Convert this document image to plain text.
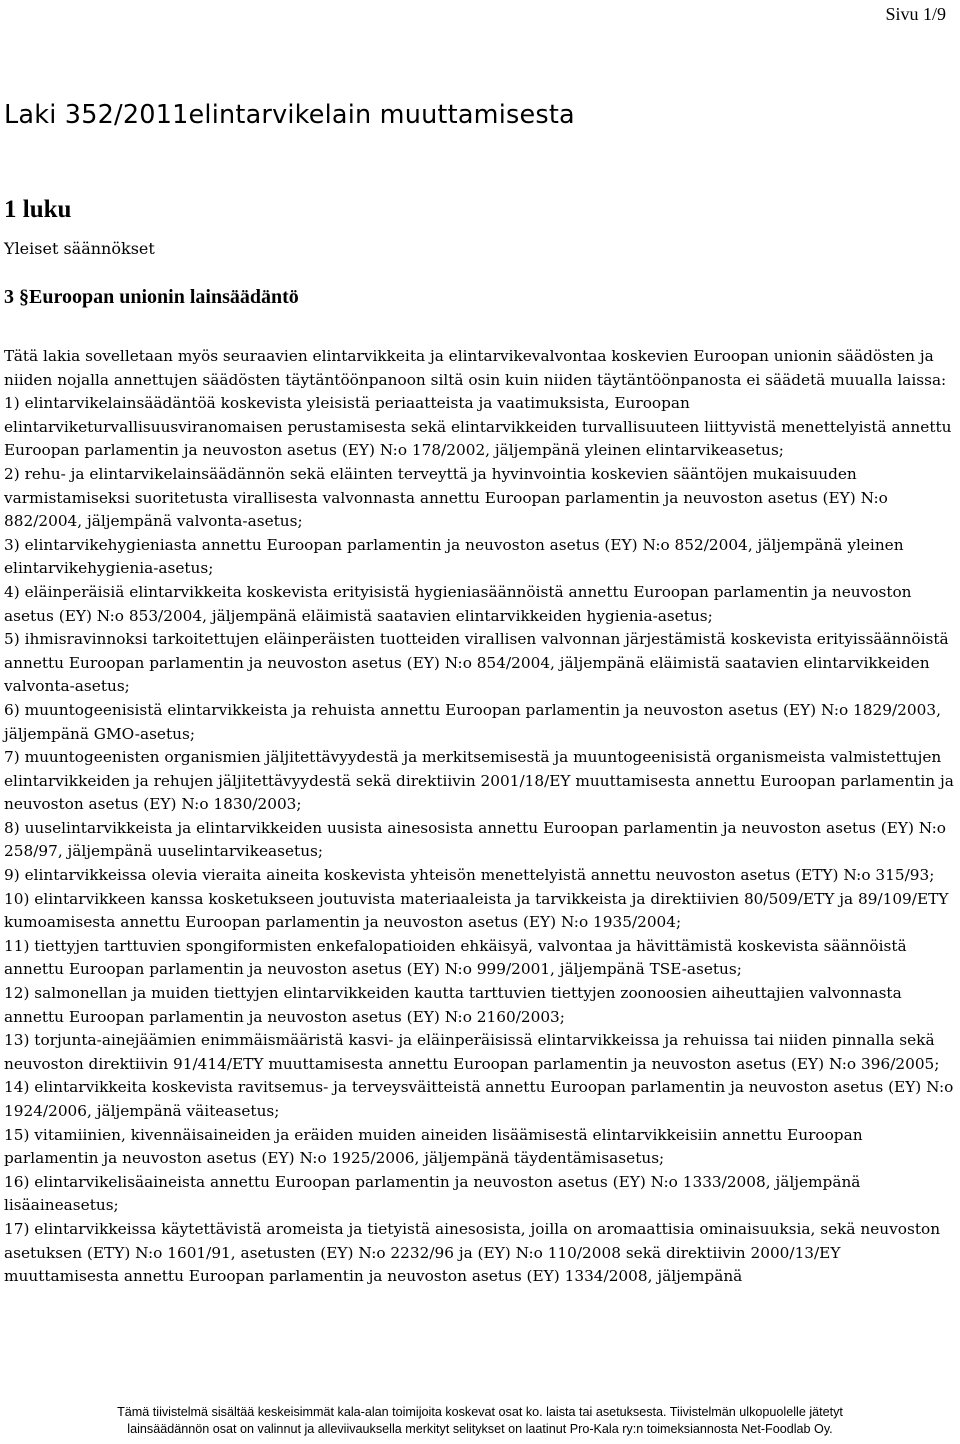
Sivu 1/9
Laki 352/2011elintarvikelain muuttamisesta
1 luku
Yleiset säännökset
3 §Euroopan unionin lainsäädäntö

Tätä lakia sovelletaan myös seuraavien elintarvikkeita ja elintarvikevalvontaa koskevien Euroopan unionin säädösten ja niiden nojalla annettujen säädösten täytäntöönpanoon siltä osin kuin niiden täytäntöönpanosta ei säädetä muualla laissa:

1) elintarvikelainsäädäntöä koskevista yleisistä periaatteista ja vaatimuksista, Euroopan elintarviketurvallisuusviranomaisen perustamisesta sekä elintarvikkeiden turvallisuuteen liittyvistä menettelyistä annettu Euroopan parlamentin ja neuvoston asetus (EY) N:o 178/2002, jäljempänä yleinen elintarvikeasetus;

2) rehu- ja elintarvikelainsäädännön sekä eläinten terveyttä ja hyvinvointia koskevien sääntöjen mukaisuuden varmistamiseksi suoritetusta virallisesta valvonnasta annettu Euroopan parlamentin ja neuvoston asetus (EY) N:o 882/2004, jäljempänä valvonta-asetus;

3) elintarvikehygieniasta annettu Euroopan parlamentin ja neuvoston asetus (EY) N:o 852/2004, jäljempänä yleinen elintarvikehygienia-asetus;

4) eläinperäisiä elintarvikkeita koskevista erityisistä hygieniasäännöistä annettu Euroopan parlamentin ja neuvoston asetus (EY) N:o 853/2004, jäljempänä eläimistä saatavien elintarvikkeiden hygienia-asetus;

5) ihmisravinnoksi tarkoitettujen eläinperäisten tuotteiden virallisen valvonnan järjestämistä koskevista erityissäännöistä annettu Euroopan parlamentin ja neuvoston asetus (EY) N:o 854/2004, jäljempänä eläimistä saatavien elintarvikkeiden valvonta-asetus;

6) muuntogeenisistä elintarvikkeista ja rehuista annettu Euroopan parlamentin ja neuvoston asetus (EY) N:o 1829/2003, jäljempänä GMO-asetus;

7) muuntogeenisten organismien jäljitettävyydestä ja merkitsemisestä ja muuntogeenisistä organismeista valmistettujen elintarvikkeiden ja rehujen jäljitettävyydestä sekä direktiivin 2001/18/EY muuttamisesta annettu Euroopan parlamentin ja neuvoston asetus (EY) N:o 1830/2003;

8) uuselintarvikkeista ja elintarvikkeiden uusista ainesosista annettu Euroopan parlamentin ja neuvoston asetus (EY) N:o 258/97, jäljempänä uuselintarvikeasetus;

9) elintarvikkeissa olevia vieraita aineita koskevista yhteisön menettelyistä annettu neuvoston asetus (ETY) N:o 315/93;

10) elintarvikkeen kanssa kosketukseen joutuvista materiaaleista ja tarvikkeista ja direktiivien 80/509/ETY ja 89/109/ETY kumoamisesta annettu Euroopan parlamentin ja neuvoston asetus (EY) N:o 1935/2004;

11) tiettyjen tarttuvien spongiformisten enkefalopatioiden ehkäisyä, valvontaa ja hävittämistä koskevista säännöistä annettu Euroopan parlamentin ja neuvoston asetus (EY) N:o 999/2001, jäljempänä TSE-asetus;

12) salmonellan ja muiden tiettyjen elintarvikkeiden kautta tarttuvien tiettyjen zoonoosien aiheuttajien valvonnasta annettu Euroopan parlamentin ja neuvoston asetus (EY) N:o 2160/2003;

13) torjunta-ainejäämien enimmäismääristä kasvi- ja eläinperäisissä elintarvikkeissa ja rehuissa tai niiden pinnalla sekä neuvoston direktiivin 91/414/ETY muuttamisesta annettu Euroopan parlamentin ja neuvoston asetus (EY) N:o 396/2005;

14) elintarvikkeita koskevista ravitsemus- ja terveysväitteistä annettu Euroopan parlamentin ja neuvoston asetus (EY) N:o 1924/2006, jäljempänä väiteasetus;

15) vitamiinien, kivennäisaineiden ja eräiden muiden aineiden lisäämisestä elintarvikkeisiin annettu Euroopan parlamentin ja neuvoston asetus (EY) N:o 1925/2006, jäljempänä täydentämisasetus;

16) elintarvikelisäaineista annettu Euroopan parlamentin ja neuvoston asetus (EY) N:o 1333/2008, jäljempänä lisäaineasetus;

17) elintarvikkeissa käytettävistä aromeista ja tietyistä ainesosista, joilla on aromaattisia ominaisuuksia, sekä neuvoston asetuksen (ETY) N:o 1601/91, asetusten (EY) N:o 2232/96 ja (EY) N:o 110/2008 sekä direktiivin 2000/13/EY muuttamisesta annettu Euroopan parlamentin ja neuvoston asetus (EY) 1334/2008, jäljempänä

Tämä tiivistelmä sisältää keskeisimmät kala-alan toimijoita koskevat osat ko. laista tai asetuksesta. Tiivistelmän ulkopuolelle jätetyt

lainsäädännön osat on valinnut ja alleviivauksella merkityt selitykset on laatinut Pro-Kala ry:n toimeksiannosta Net-Foodlab Oy.
